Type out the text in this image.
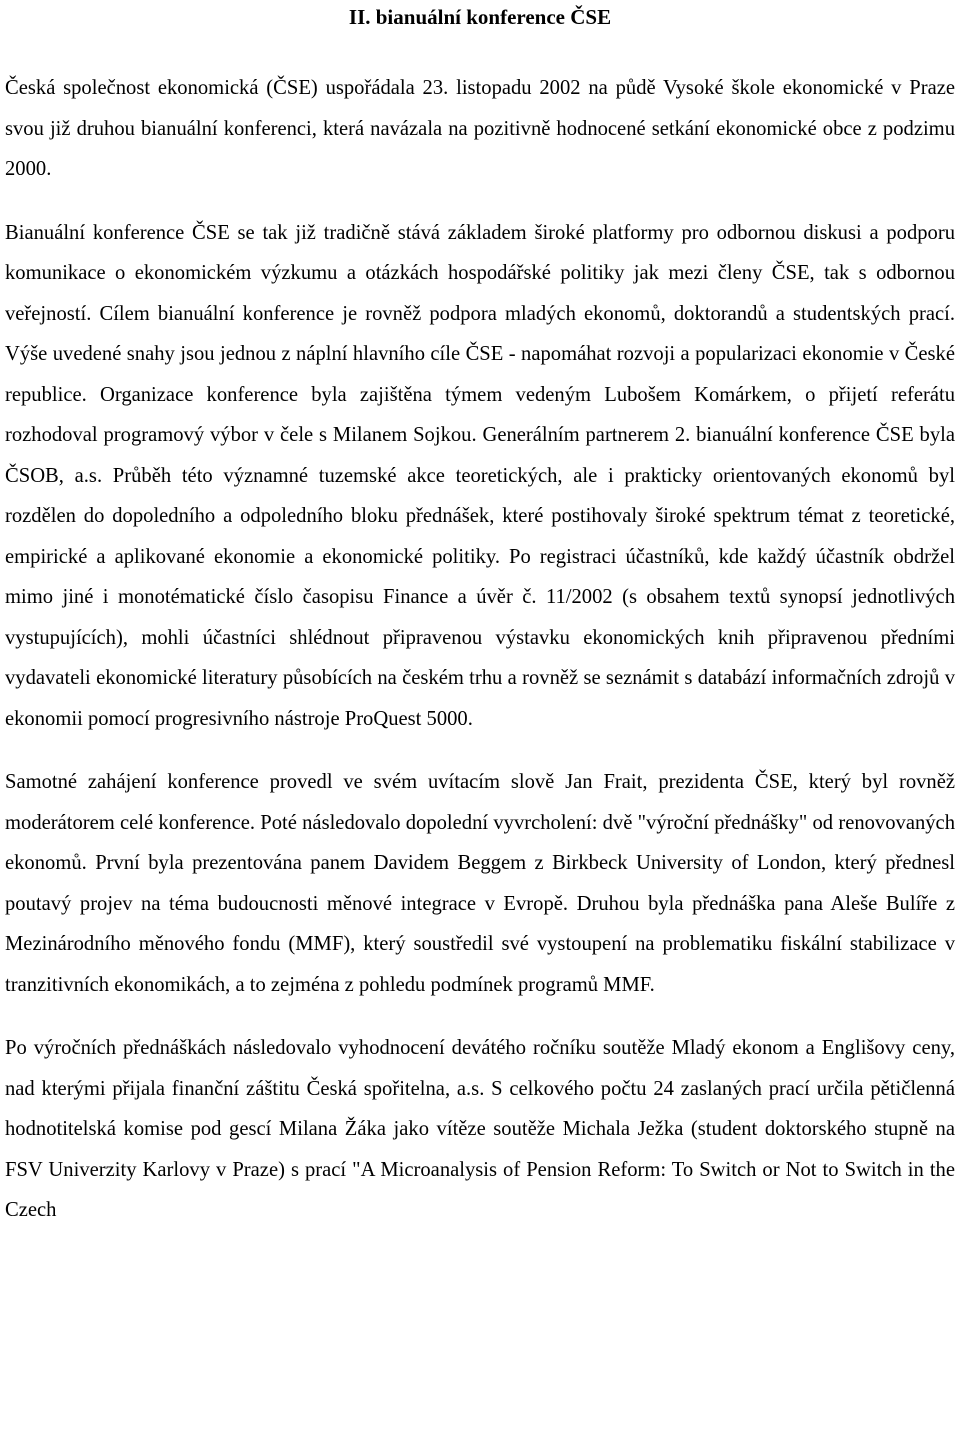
II. bianuální konference ČSE

Česká společnost ekonomická (ČSE) uspořádala 23. listopadu 2002 na půdě Vysoké škole ekonomické v Praze svou již druhou bianuální konferenci, která navázala na pozitivně hodnocené setkání ekonomické obce z podzimu 2000.

Bianuální konference ČSE se tak již tradičně stává základem široké platformy pro odbornou diskusi a podporu komunikace o ekonomickém výzkumu a otázkách hospodářské politiky jak mezi členy ČSE, tak s odbornou veřejností. Cílem bianuální konference je rovněž podpora mladých ekonomů, doktorandů a studentských prací. Výše uvedené snahy jsou jednou z náplní hlavního cíle ČSE - napomáhat rozvoji a popularizaci ekonomie v České republice. Organizace konference byla zajištěna týmem vedeným Lubošem Komárkem, o přijetí referátu rozhodoval programový výbor v čele s Milanem Sojkou. Generálním partnerem 2. bianuální konference ČSE byla ČSOB, a.s. Průběh této významné tuzemské akce teoretických, ale i prakticky orientovaných ekonomů byl rozdělen do dopoledního a odpoledního bloku přednášek, které postihovaly široké spektrum témat z teoretické, empirické a aplikované ekonomie a ekonomické politiky. Po registraci účastníků, kde každý účastník obdržel mimo jiné i monotématické číslo časopisu Finance a úvěr č. 11/2002 (s obsahem textů synopsí jednotlivých vystupujících), mohli účastníci shlédnout připravenou výstavku ekonomických knih připravenou předními vydavateli ekonomické literatury působících na českém trhu a rovněž se seznámit s databází informačních zdrojů v ekonomii pomocí progresivního nástroje ProQuest 5000.

Samotné zahájení konference provedl ve svém uvítacím slově Jan Frait, prezidenta ČSE, který byl rovněž moderátorem celé konference. Poté následovalo dopolední vyvrcholení: dvě "výroční přednášky" od renovovaných ekonomů. První byla prezentována panem Davidem Beggem z Birkbeck University of London, který přednesl poutavý projev na téma budoucnosti měnové integrace v Evropě. Druhou byla přednáška pana Aleše Bulíře z Mezinárodního měnového fondu (MMF), který soustředil své vystoupení na problematiku fiskální stabilizace v tranzitivních ekonomikách, a to zejména z pohledu podmínek programů MMF.

Po výročních přednáškách následovalo vyhodnocení devátého ročníku soutěže Mladý ekonom a Englišovy ceny, nad kterými přijala finanční záštitu Česká spořitelna, a.s. S celkového počtu 24 zaslaných prací určila pětičlenná hodnotitelská komise pod gescí Milana Žáka jako vítěze soutěže Michala Ježka (student doktorského stupně na FSV Univerzity Karlovy v Praze) s prací "A Microanalysis of Pension Reform: To Switch or Not to Switch in the Czech
